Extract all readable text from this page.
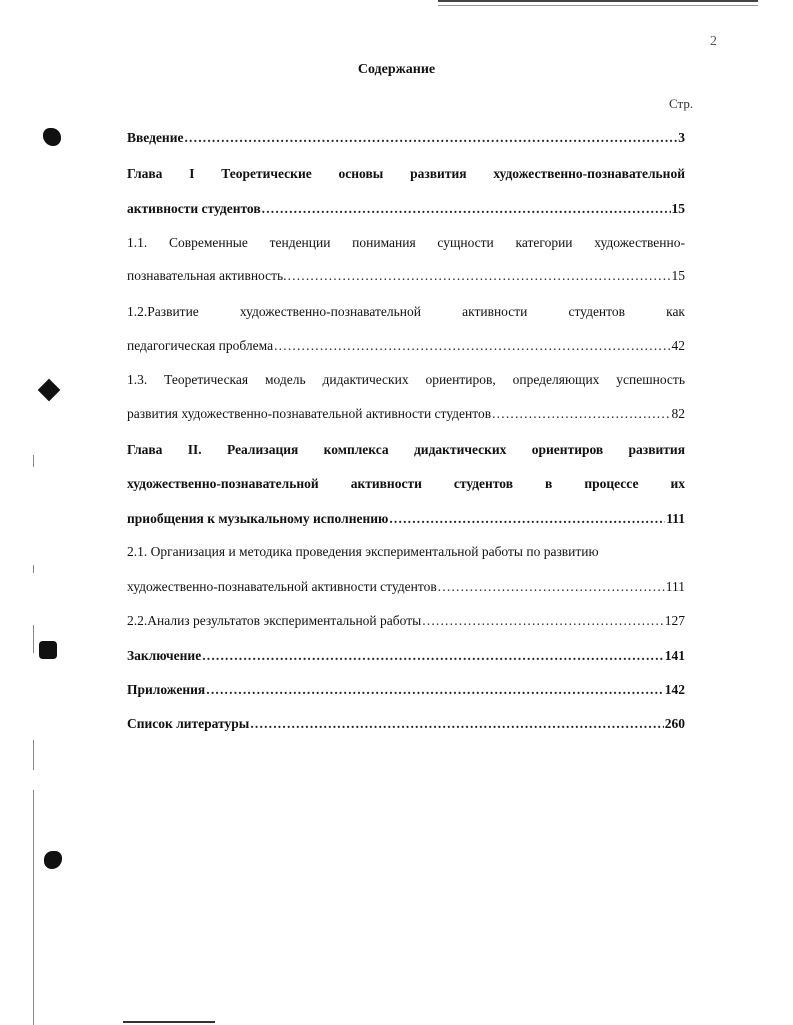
2
Содержание
Стр.
Введение .....	3
Глава I Теоретические основы развития художественно-познавательной
активности студентов .....	15
1.1. Современные тенденции понимания сущности категории художественно-
познавательная активность. .....	15
1.2.Развитие художественно-познавательной активности студентов как
педагогическая проблема .....	42
1.3. Теоретическая модель дидактических ориентиров, определяющих успешность
развития художественно-познавательной активности студентов .....	82
Глава II. Реализация комплекса дидактических ориентиров развития
художественно-познавательной активности студентов в процессе их
приобщения к музыкальному исполнению .....	111
2.1. Организация и методика проведения экспериментальной работы по развитию
художественно-познавательной активности студентов .....	111
2.2.Анализ результатов экспериментальной работы .....	127
Заключение .....	141
Приложения .....	142
Список литературы .....	260
